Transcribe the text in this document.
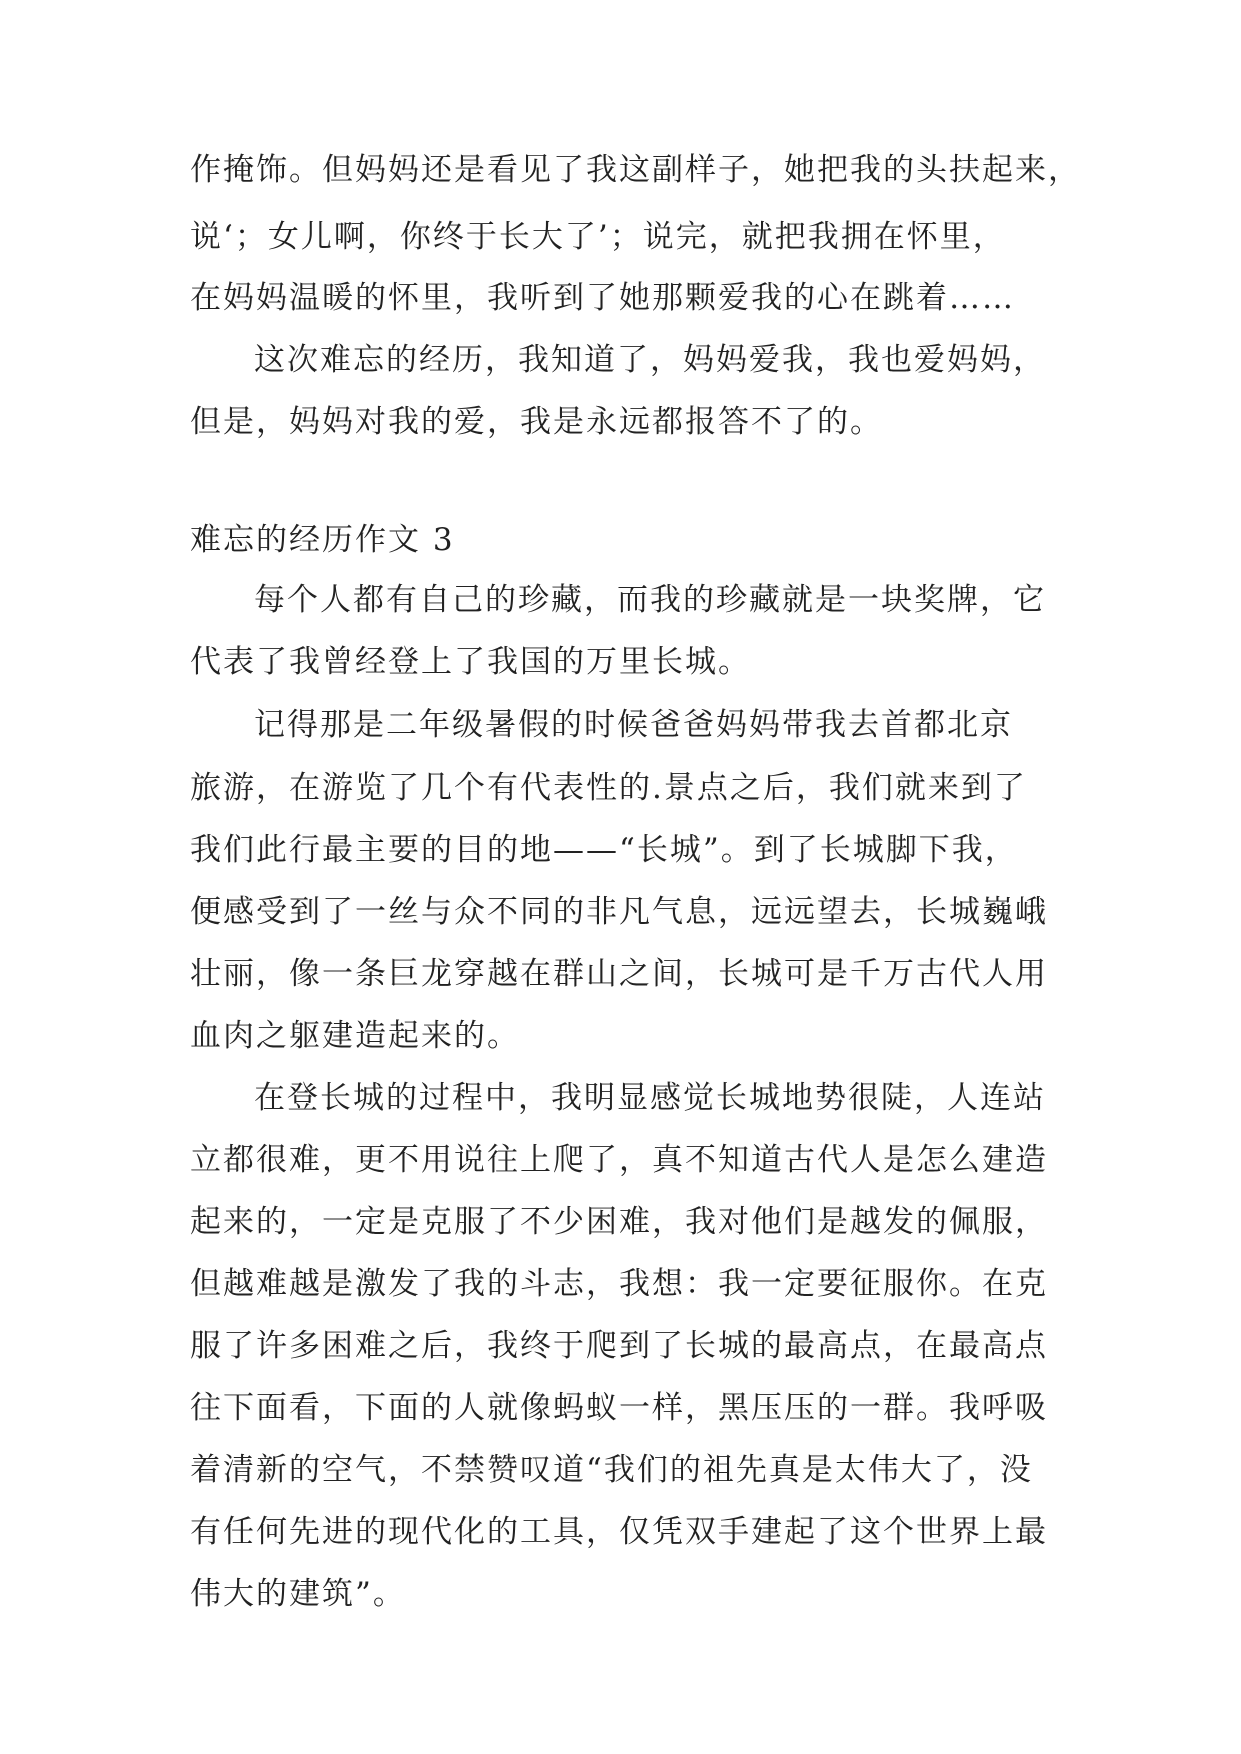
作掩饰。但妈妈还是看见了我这副样子，她把我的头扶起来，

说‘；女儿啊，你终于长大了’；说完，就把我拥在怀里，

在妈妈温暖的怀里，我听到了她那颗爱我的心在跳着……

这次难忘的经历，我知道了，妈妈爱我，我也爱妈妈，

但是，妈妈对我的爱，我是永远都报答不了的。

难忘的经历作文 3

每个人都有自己的珍藏，而我的珍藏就是一块奖牌，它

代表了我曾经登上了我国的万里长城。

记得那是二年级暑假的时候爸爸妈妈带我去首都北京

旅游，在游览了几个有代表性的.景点之后，我们就来到了

我们此行最主要的目的地——“长城”。到了长城脚下我，

便感受到了一丝与众不同的非凡气息，远远望去，长城巍峨

壮丽，像一条巨龙穿越在群山之间，长城可是千万古代人用

血肉之躯建造起来的。

在登长城的过程中，我明显感觉长城地势很陡，人连站

立都很难，更不用说往上爬了，真不知道古代人是怎么建造

起来的，一定是克服了不少困难，我对他们是越发的佩服，

但越难越是激发了我的斗志，我想：我一定要征服你。在克

服了许多困难之后，我终于爬到了长城的最高点，在最高点

往下面看，下面的人就像蚂蚁一样，黑压压的一群。我呼吸

着清新的空气，不禁赞叹道“我们的祖先真是太伟大了，没

有任何先进的现代化的工具，仅凭双手建起了这个世界上最

伟大的建筑”。
